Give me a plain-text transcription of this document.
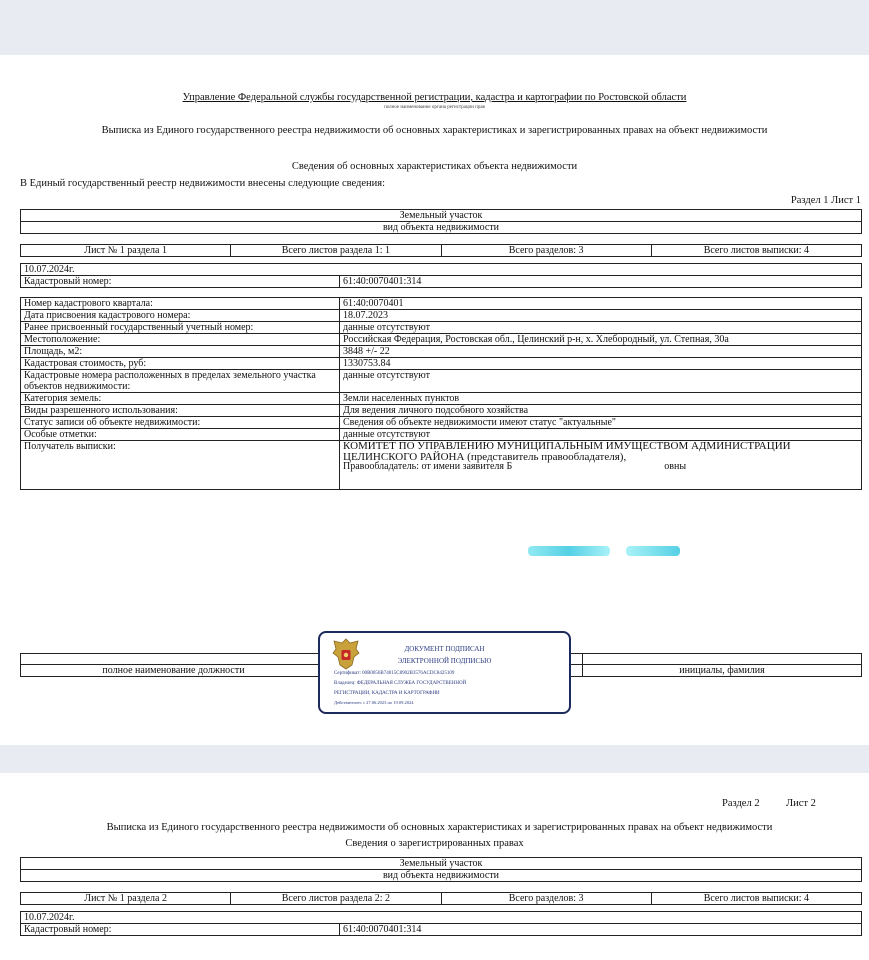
Управление Федеральной службы государственной регистрации, кадастра и картографии по Ростовской области
полное наименование органа регистрации прав
Выписка из Единого государственного реестра недвижимости об основных характеристиках и зарегистрированных правах на объект недвижимости
Сведения об основных характеристиках объекта недвижимости
В Единый государственный реестр недвижимости внесены следующие сведения:
Раздел 1 Лист 1
Земельный участок
вид объекта недвижимости
Лист № 1 раздела 1	Всего листов раздела 1: 1	Всего разделов: 3	Всего листов выписки: 4
10.07.2024г.
Кадастровый номер:	61:40:0070401:314
Номер кадастрового квартала:	61:40:0070401
Дата присвоения кадастрового номера:	18.07.2023
Ранее присвоенный государственный учетный номер:	данные отсутствуют
Местоположение:	Российская Федерация, Ростовская обл., Целинский р-н, х. Хлебородный, ул. Степная, 30а
Площадь, м2:	3848 +/- 22
Кадастровая стоимость, руб:	1330753.84
Кадастровые номера расположенных в пределах земельного участка объектов недвижимости:	данные отсутствуют
Категория земель:	Земли населенных пунктов
Виды разрешенного использования:	Для ведения личного подсобного хозяйства
Статус записи об объекте недвижимости:	Сведения об объекте недвижимости имеют статус "актуальные"
Особые отметки:	данные отсутствуют
Получатель выписки:	КОМИТЕТ ПО УПРАВЛЕНИЮ МУНИЦИПАЛЬНЫМ ИМУЩЕСТВОМ АДМИНИСТРАЦИИ
ЦЕЛИНСКОГО РАЙОНА (представитель правообладателя),
Правообладатель: от имени заявителя Б овны

полное наименование должности		инициалы, фамилия
ДОКУМЕНТ ПОДПИСАН
ЭЛЕКТРОННОЙ ПОДПИСЬЮ
Сертификат: 00B0056B74015C8902B3576ACDC8425109
Владелец: ФЕДЕРАЛЬНАЯ СЛУЖБА ГОСУДАРСТВЕННОЙ
РЕГИСТРАЦИИ, КАДАСТРА И КАРТОГРАФИИ
Действителен: с 27.06.2023 по 19.09.2024
Раздел 2	Лист 2
Выписка из Единого государственного реестра недвижимости об основных характеристиках и зарегистрированных правах на объект недвижимости
Сведения о зарегистрированных правах
Земельный участок
вид объекта недвижимости
Лист № 1 раздела 2	Всего листов раздела 2: 2	Всего разделов: 3	Всего листов выписки: 4
10.07.2024г.
Кадастровый номер:	61:40:0070401:314
